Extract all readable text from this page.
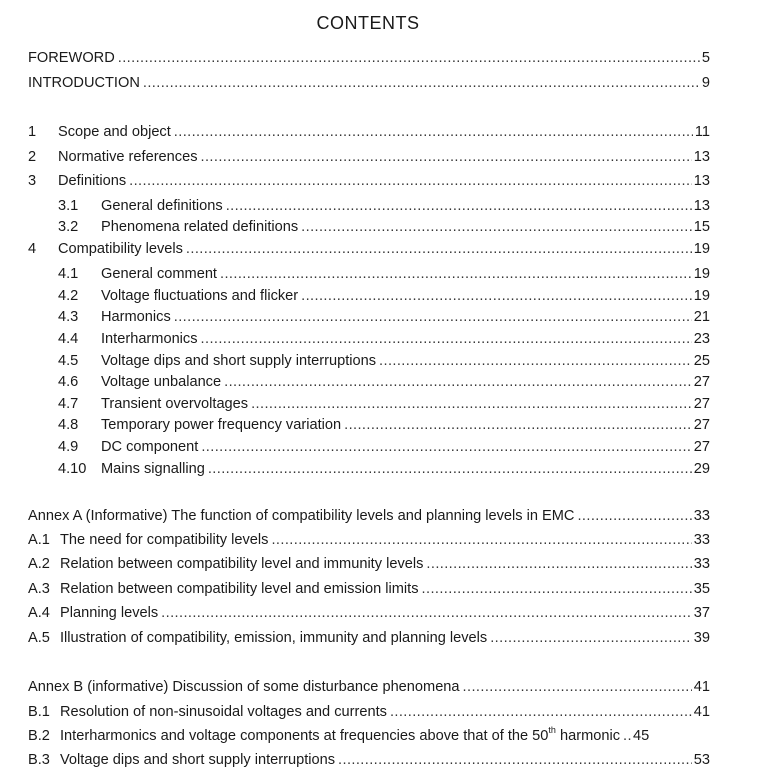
CONTENTS
FOREWORD .....	5
INTRODUCTION .....	9
1	Scope and object .....	11
2	Normative references .....	13
3	Definitions .....	13
3.1	General definitions .....	13
3.2	Phenomena related definitions .....	15
4	Compatibility levels .....	19
4.1	General comment .....	19
4.2	Voltage fluctuations and flicker .....	19
4.3	Harmonics .....	21
4.4	Interharmonics .....	23
4.5	Voltage dips and short supply interruptions .....	25
4.6	Voltage unbalance .....	27
4.7	Transient overvoltages .....	27
4.8	Temporary power frequency variation .....	27
4.9	DC component .....	27
4.10 Mains signalling .....	29
Annex A (Informative) The function of compatibility levels and planning levels in EMC .....	33
A.1 The need for compatibility levels .....	33
A.2 Relation between compatibility level and immunity levels .....	33
A.3 Relation between compatibility level and emission limits .....	35
A.4 Planning levels .....	37
A.5 Illustration of compatibility, emission, immunity and planning levels .....	39
Annex B (informative) Discussion of some disturbance phenomena .....	41
B.1 Resolution of non-sinusoidal voltages and currents .....	41
B.2 Interharmonics and voltage components at frequencies above that of the 50th harmonic ..... 45
B.3 Voltage dips and short supply interruptions .....	53
